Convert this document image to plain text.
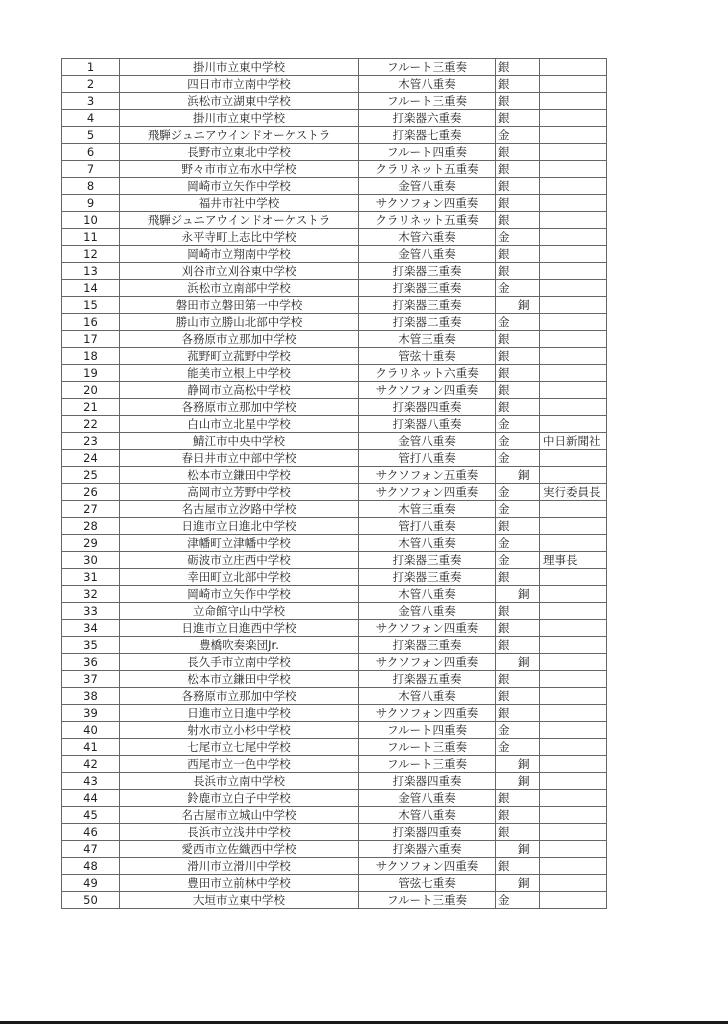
1	掛川市立東中学校	フルート三重奏	銀	
2	四日市市立南中学校	木管八重奏	銀	
3	浜松市立湖東中学校	フルート三重奏	銀	
4	掛川市立東中学校	打楽器六重奏	銀	
5	飛騨ジュニアウインドオーケストラ	打楽器七重奏	金	
6	長野市立東北中学校	フルート四重奏	銀	
7	野々市市立布水中学校	クラリネット五重奏	銀	
8	岡崎市立矢作中学校	金管八重奏	銀	
9	福井市社中学校	サクソフォン四重奏	銀	
10	飛騨ジュニアウインドオーケストラ	クラリネット五重奏	銀	
11	永平寺町上志比中学校	木管六重奏	金	
12	岡崎市立翔南中学校	金管八重奏	銀	
13	刈谷市立刈谷東中学校	打楽器三重奏	銀	
14	浜松市立南部中学校	打楽器三重奏	金	
15	磐田市立磐田第一中学校	打楽器三重奏	銅	
16	勝山市立勝山北部中学校	打楽器二重奏	金	
17	各務原市立那加中学校	木管三重奏	銀	
18	菰野町立菰野中学校	管弦十重奏	銀	
19	能美市立根上中学校	クラリネット六重奏	銀	
20	静岡市立高松中学校	サクソフォン四重奏	銀	
21	各務原市立那加中学校	打楽器四重奏	銀	
22	白山市立北星中学校	打楽器八重奏	金	
23	鯖江市中央中学校	金管八重奏	金	中日新聞社
24	春日井市立中部中学校	管打八重奏	金	
25	松本市立鎌田中学校	サクソフォン五重奏	銅	
26	高岡市立芳野中学校	サクソフォン四重奏	金	実行委員長
27	名古屋市立汐路中学校	木管三重奏	金	
28	日進市立日進北中学校	管打八重奏	銀	
29	津幡町立津幡中学校	木管八重奏	金	
30	砺波市立庄西中学校	打楽器三重奏	金	理事長
31	幸田町立北部中学校	打楽器三重奏	銀	
32	岡崎市立矢作中学校	木管八重奏	銅	
33	立命館守山中学校	金管八重奏	銀	
34	日進市立日進西中学校	サクソフォン四重奏	銀	
35	豊橋吹奏楽団Jr.	打楽器三重奏	銀	
36	長久手市立南中学校	サクソフォン四重奏	銅	
37	松本市立鎌田中学校	打楽器五重奏	銀	
38	各務原市立那加中学校	木管八重奏	銀	
39	日進市立日進中学校	サクソフォン四重奏	銀	
40	射水市立小杉中学校	フルート四重奏	金	
41	七尾市立七尾中学校	フルート三重奏	金	
42	西尾市立一色中学校	フルート三重奏	銅	
43	長浜市立南中学校	打楽器四重奏	銅	
44	鈴鹿市立白子中学校	金管八重奏	銀	
45	名古屋市立城山中学校	木管八重奏	銀	
46	長浜市立浅井中学校	打楽器四重奏	銀	
47	愛西市立佐織西中学校	打楽器六重奏	銅	
48	滑川市立滑川中学校	サクソフォン四重奏	銀	
49	豊田市立前林中学校	管弦七重奏	銅	
50	大垣市立東中学校	フルート三重奏	金	
